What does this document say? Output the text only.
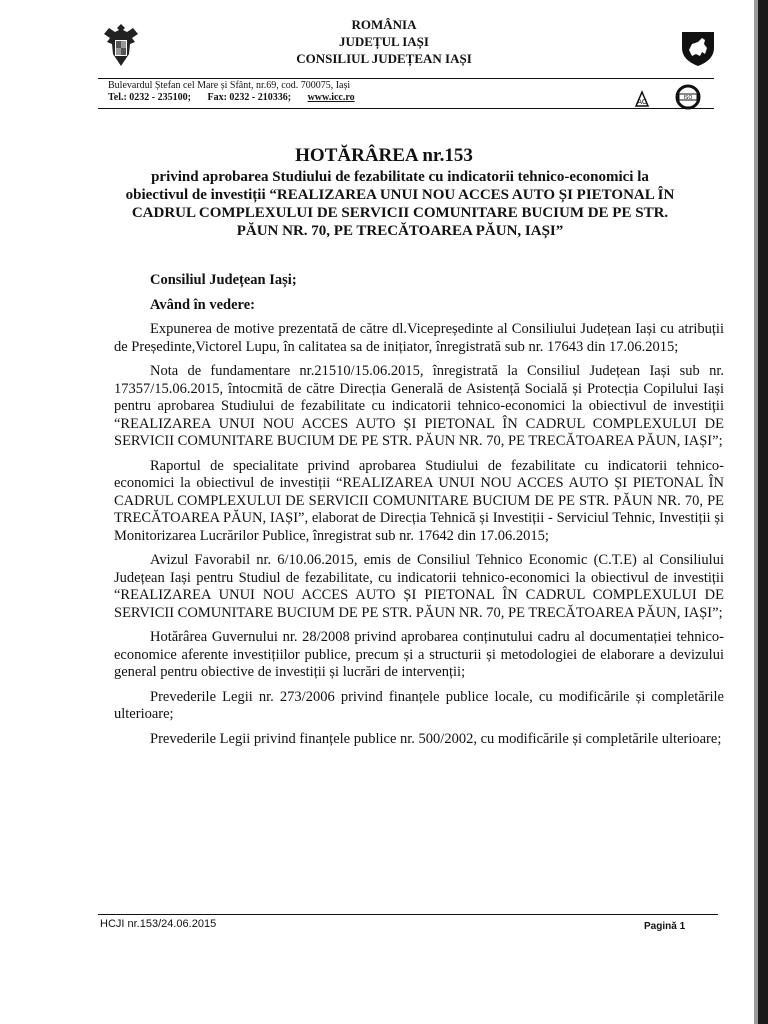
ROMÂNIA
JUDEȚUL IAȘI
CONSILIUL JUDEȚEAN IAȘI
Bulevardul Ștefan cel Mare și Sfânt, nr.69, cod. 700075, Iași
Tel.: 0232 - 235100; Fax: 0232 - 210336; www.icc.ro	AC	ĪSO
HOTĂRÂREA nr.153
privind aprobarea Studiului de fezabilitate cu indicatorii tehnico-economici la obiectivul de investiții “REALIZAREA UNUI NOU ACCES AUTO ȘI PIETONAL ÎN CADRUL COMPLEXULUI DE SERVICII COMUNITARE BUCIUM DE PE STR. PĂUN NR. 70, PE TRECĂTOAREA PĂUN, IAȘI”

Consiliul Județean Iași;

Având în vedere:

Expunerea de motive prezentată de către dl.Vicepreședinte al Consiliului Județean Iași cu atribuții de Președinte,Victorel Lupu, în calitatea sa de inițiator, înregistrată sub nr. 17643 din 17.06.2015;

Nota de fundamentare nr.21510/15.06.2015, înregistrată la Consiliul Județean Iași sub nr. 17357/15.06.2015, întocmită de către Direcția Generală de Asistență Socială și Protecția Copilului Iași pentru aprobarea Studiului de fezabilitate cu indicatorii tehnico-economici la obiectivul de investiții “REALIZAREA UNUI NOU ACCES AUTO ȘI PIETONAL ÎN CADRUL COMPLEXULUI DE SERVICII COMUNITARE BUCIUM DE PE STR. PĂUN NR. 70, PE TRECĂTOAREA PĂUN, IAȘI”;

Raportul de specialitate privind aprobarea Studiului de fezabilitate cu indicatorii tehnico-economici la obiectivul de investiții “REALIZAREA UNUI NOU ACCES AUTO ȘI PIETONAL ÎN CADRUL COMPLEXULUI DE SERVICII COMUNITARE BUCIUM DE PE STR. PĂUN NR. 70, PE TRECĂTOAREA PĂUN, IAȘI”, elaborat de Direcția Tehnică și Investiții - Serviciul Tehnic, Investiții și Monitorizarea Lucrărilor Publice, înregistrat sub nr. 17642 din 17.06.2015;

Avizul Favorabil nr. 6/10.06.2015, emis de Consiliul Tehnico Economic (C.T.E) al Consiliului Județean Iași pentru Studiul de fezabilitate, cu indicatorii tehnico-economici la obiectivul de investiții “REALIZAREA UNUI NOU ACCES AUTO ȘI PIETONAL ÎN CADRUL COMPLEXULUI DE SERVICII COMUNITARE BUCIUM DE PE STR. PĂUN NR. 70, PE TRECĂTOAREA PĂUN, IAȘI”;

Hotărârea Guvernului nr. 28/2008 privind aprobarea conținutului cadru al documentației tehnico-economice aferente investițiilor publice, precum și a structurii și metodologiei de elaborare a devizului general pentru obiective de investiții și lucrări de intervenții;

Prevederile Legii nr. 273/2006 privind finanțele publice locale, cu modificările și completările ulterioare;

Prevederile Legii privind finanțele publice nr. 500/2002, cu modificările și completările ulterioare;

HCJI nr.153/24.06.2015	Pagină 1
